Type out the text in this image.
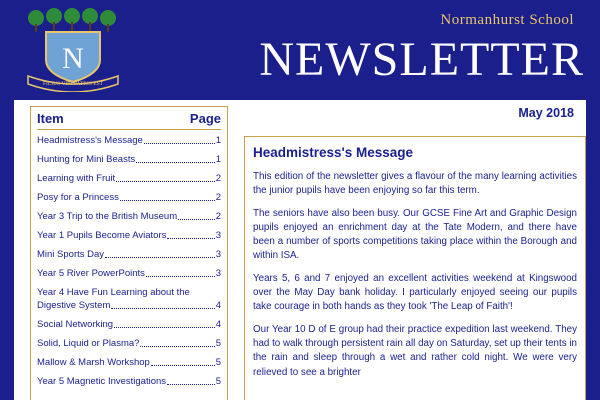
N
FILIUS VIRI PATRIS EST
Normanhurst School
NEWSLETTER
Item	Page
Headmistress's Message	1
Hunting for Mini Beasts	1
Learning with Fruit	2
Posy for a Princess	2
Year 3 Trip to the British Museum	2
Year 1 Pupils Become Aviators	3
Mini Sports Day	3
Year 5 River PowerPoints	3
Year 4 Have Fun Learning about the
Digestive System	4
Social Networking	4
Solid, Liquid or Plasma?	5
Mallow & Marsh Workshop	5
Year 5 Magnetic Investigations	5
May 2018
Headmistress's Message

This edition of the newsletter gives a flavour of the many learning activities the junior pupils have been enjoying so far this term.

The seniors have also been busy. Our GCSE Fine Art and Graphic Design pupils enjoyed an enrichment day at the Tate Modern, and there have been a number of sports competitions taking place within the Borough and within ISA.

Years 5, 6 and 7 enjoyed an excellent activities weekend at Kingswood over the May Day bank holiday. I particularly enjoyed seeing our pupils take courage in both hands as they took 'The Leap of Faith'!

Our Year 10 D of E group had their practice expedition last weekend. They had to walk through persistent rain all day on Saturday, set up their tents in the rain and sleep through a wet and rather cold night. We were very relieved to see a brighter
